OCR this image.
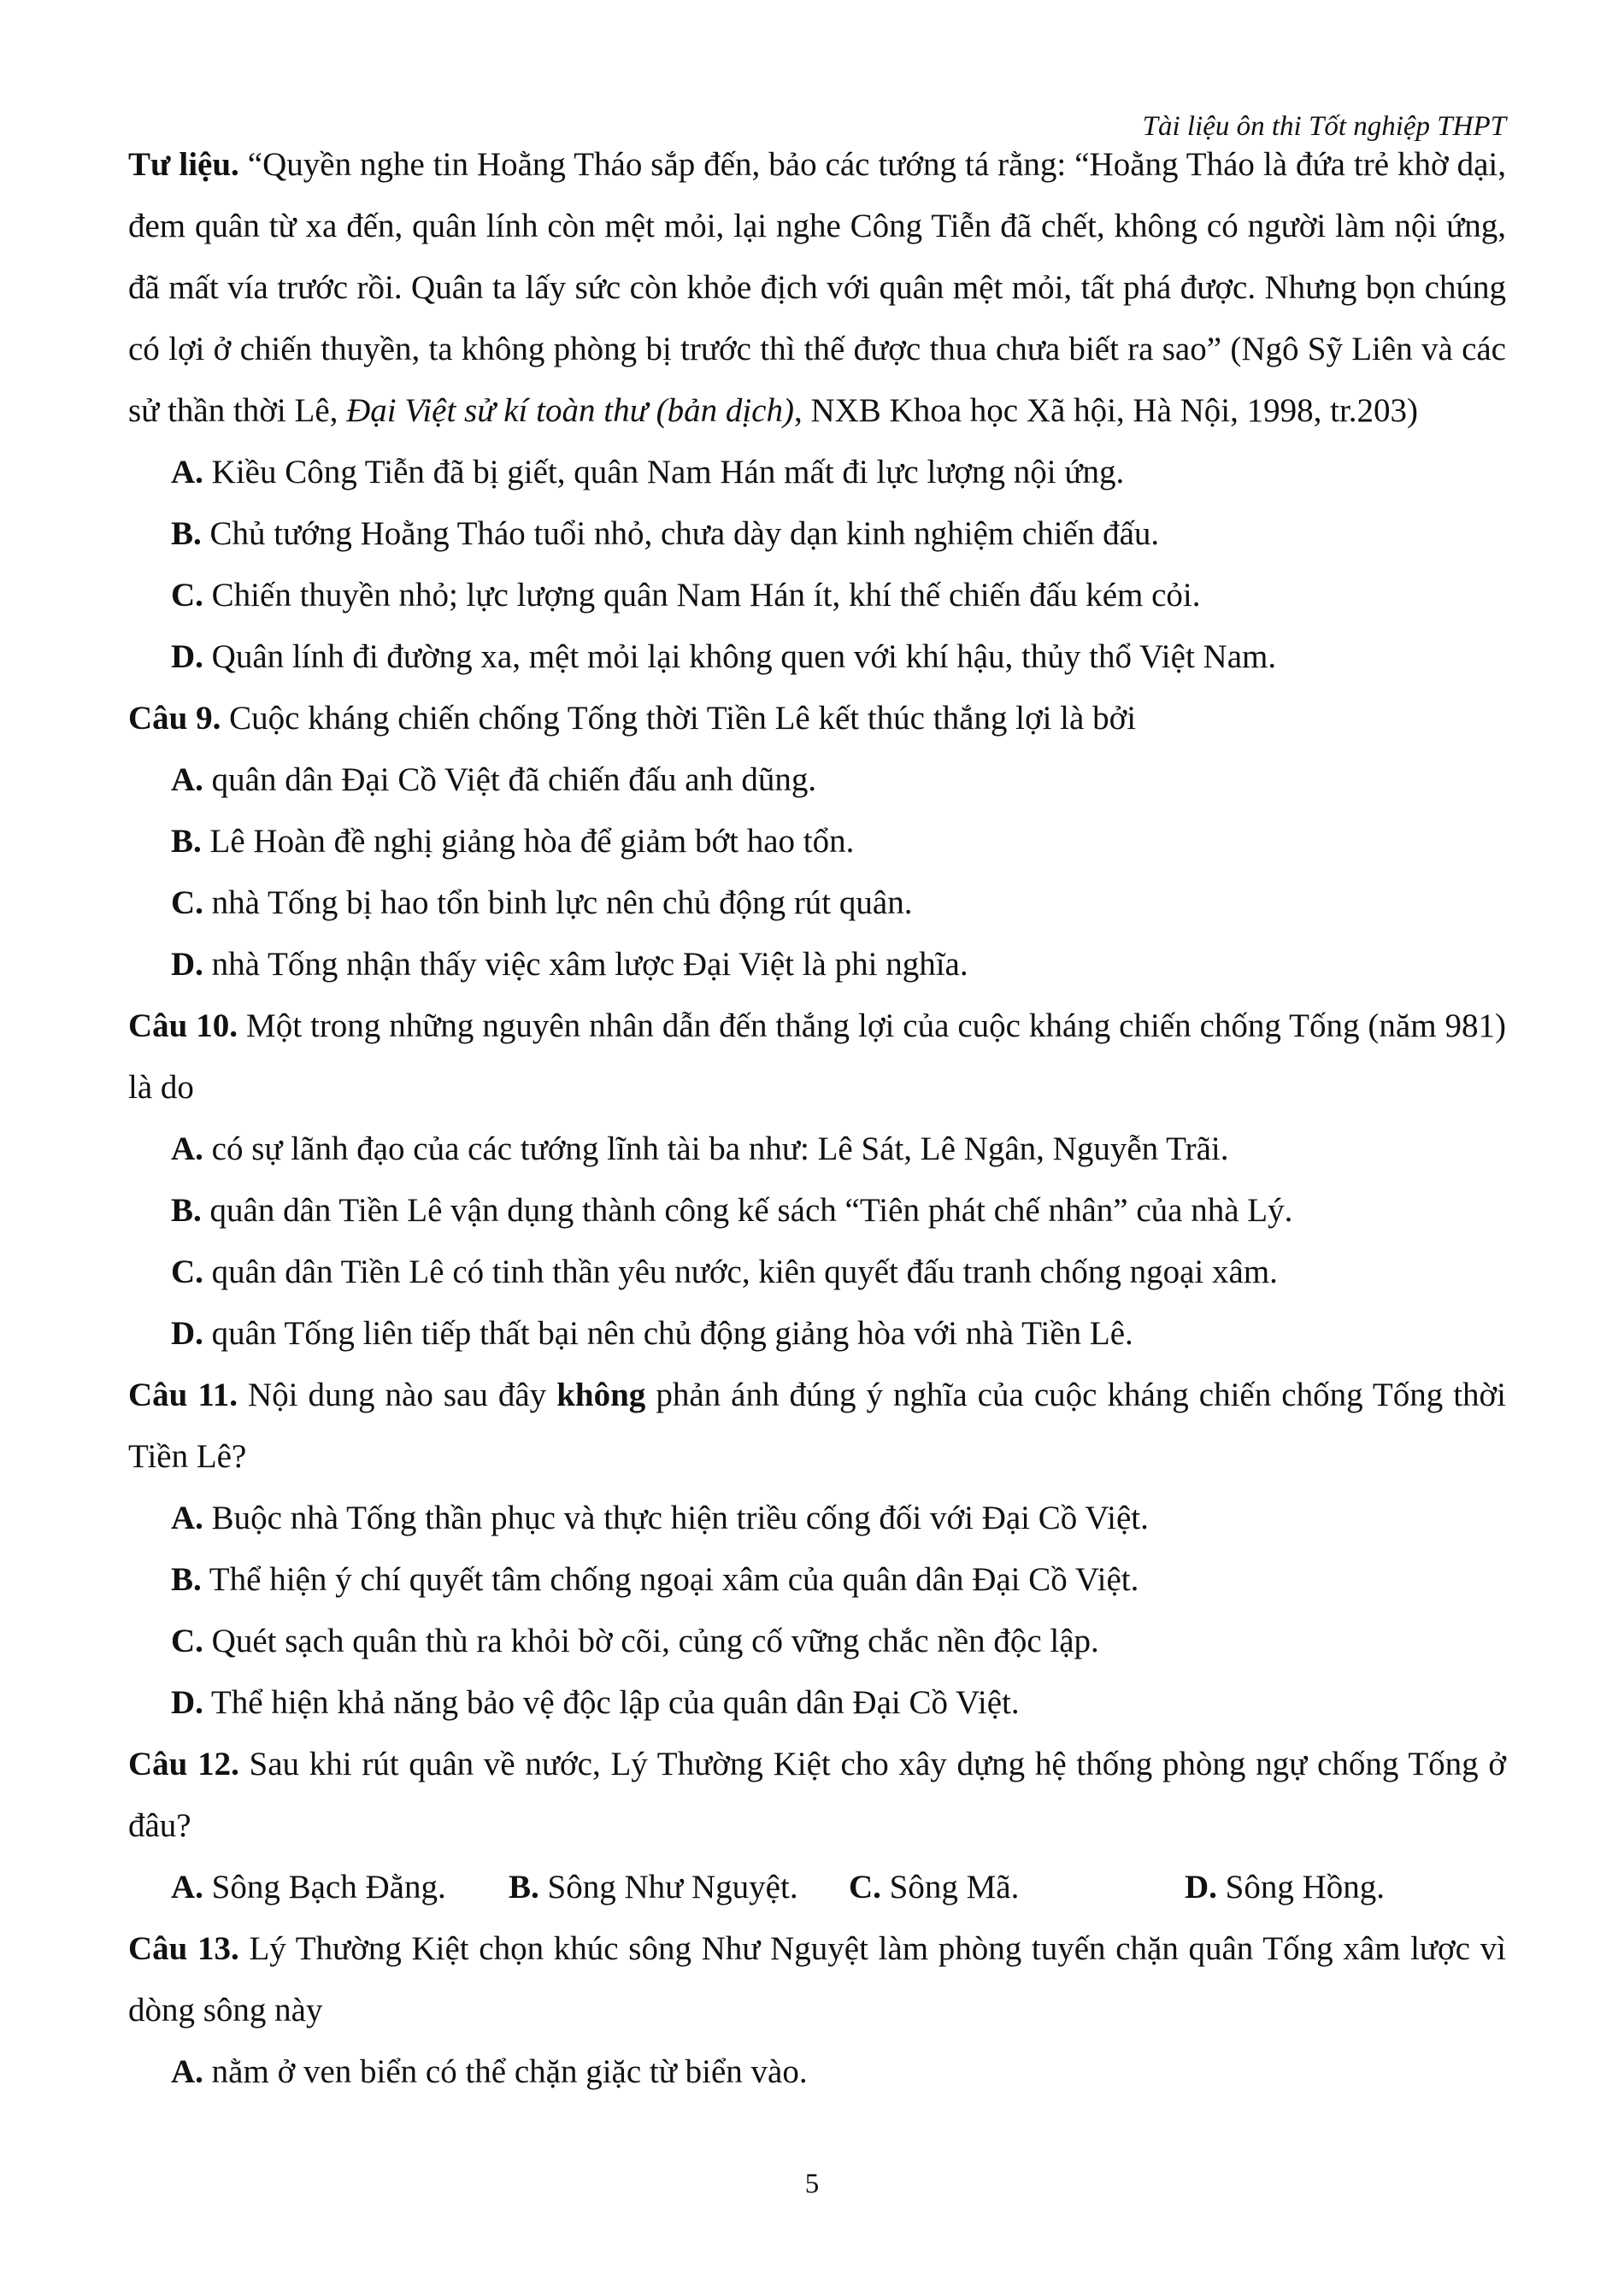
Tài liệu ôn thi Tốt nghiệp THPT

Tư liệu. “Quyền nghe tin Hoằng Tháo sắp đến, bảo các tướng tá rằng: “Hoằng Tháo là đứa trẻ khờ dại, đem quân từ xa đến, quân lính còn mệt mỏi, lại nghe Công Tiễn đã chết, không có người làm nội ứng, đã mất vía trước rồi. Quân ta lấy sức còn khỏe địch với quân mệt mỏi, tất phá được. Nhưng bọn chúng có lợi ở chiến thuyền, ta không phòng bị trước thì thế được thua chưa biết ra sao” (Ngô Sỹ Liên và các sử thần thời Lê, Đại Việt sử kí toàn thư (bản dịch), NXB Khoa học Xã hội, Hà Nội, 1998, tr.203)

A. Kiều Công Tiễn đã bị giết, quân Nam Hán mất đi lực lượng nội ứng.

B. Chủ tướng Hoằng Tháo tuổi nhỏ, chưa dày dạn kinh nghiệm chiến đấu.

C. Chiến thuyền nhỏ; lực lượng quân Nam Hán ít, khí thế chiến đấu kém cỏi.

D. Quân lính đi đường xa, mệt mỏi lại không quen với khí hậu, thủy thổ Việt Nam.

Câu 9. Cuộc kháng chiến chống Tống thời Tiền Lê kết thúc thắng lợi là bởi

A. quân dân Đại Cồ Việt đã chiến đấu anh dũng.

B. Lê Hoàn đề nghị giảng hòa để giảm bớt hao tổn.

C. nhà Tống bị hao tổn binh lực nên chủ động rút quân.

D. nhà Tống nhận thấy việc xâm lược Đại Việt là phi nghĩa.

Câu 10. Một trong những nguyên nhân dẫn đến thắng lợi của cuộc kháng chiến chống Tống (năm 981) là do

A. có sự lãnh đạo của các tướng lĩnh tài ba như: Lê Sát, Lê Ngân, Nguyễn Trãi.

B. quân dân Tiền Lê vận dụng thành công kế sách “Tiên phát chế nhân” của nhà Lý.

C. quân dân Tiền Lê có tinh thần yêu nước, kiên quyết đấu tranh chống ngoại xâm.

D. quân Tống liên tiếp thất bại nên chủ động giảng hòa với nhà Tiền Lê.

Câu 11. Nội dung nào sau đây không phản ánh đúng ý nghĩa của cuộc kháng chiến chống Tống thời Tiền Lê?

A. Buộc nhà Tống thần phục và thực hiện triều cống đối với Đại Cồ Việt.

B. Thể hiện ý chí quyết tâm chống ngoại xâm của quân dân Đại Cồ Việt.

C. Quét sạch quân thù ra khỏi bờ cõi, củng cố vững chắc nền độc lập.

D. Thể hiện khả năng bảo vệ độc lập của quân dân Đại Cồ Việt.

Câu 12. Sau khi rút quân về nước, Lý Thường Kiệt cho xây dựng hệ thống phòng ngự chống Tống ở đâu?

A. Sông Bạch Đằng. B. Sông Như Nguyệt. C. Sông Mã.	D. Sông Hồng.

Câu 13. Lý Thường Kiệt chọn khúc sông Như Nguyệt làm phòng tuyến chặn quân Tống xâm lược vì dòng sông này

A. nằm ở ven biển có thể chặn giặc từ biển vào.

5
